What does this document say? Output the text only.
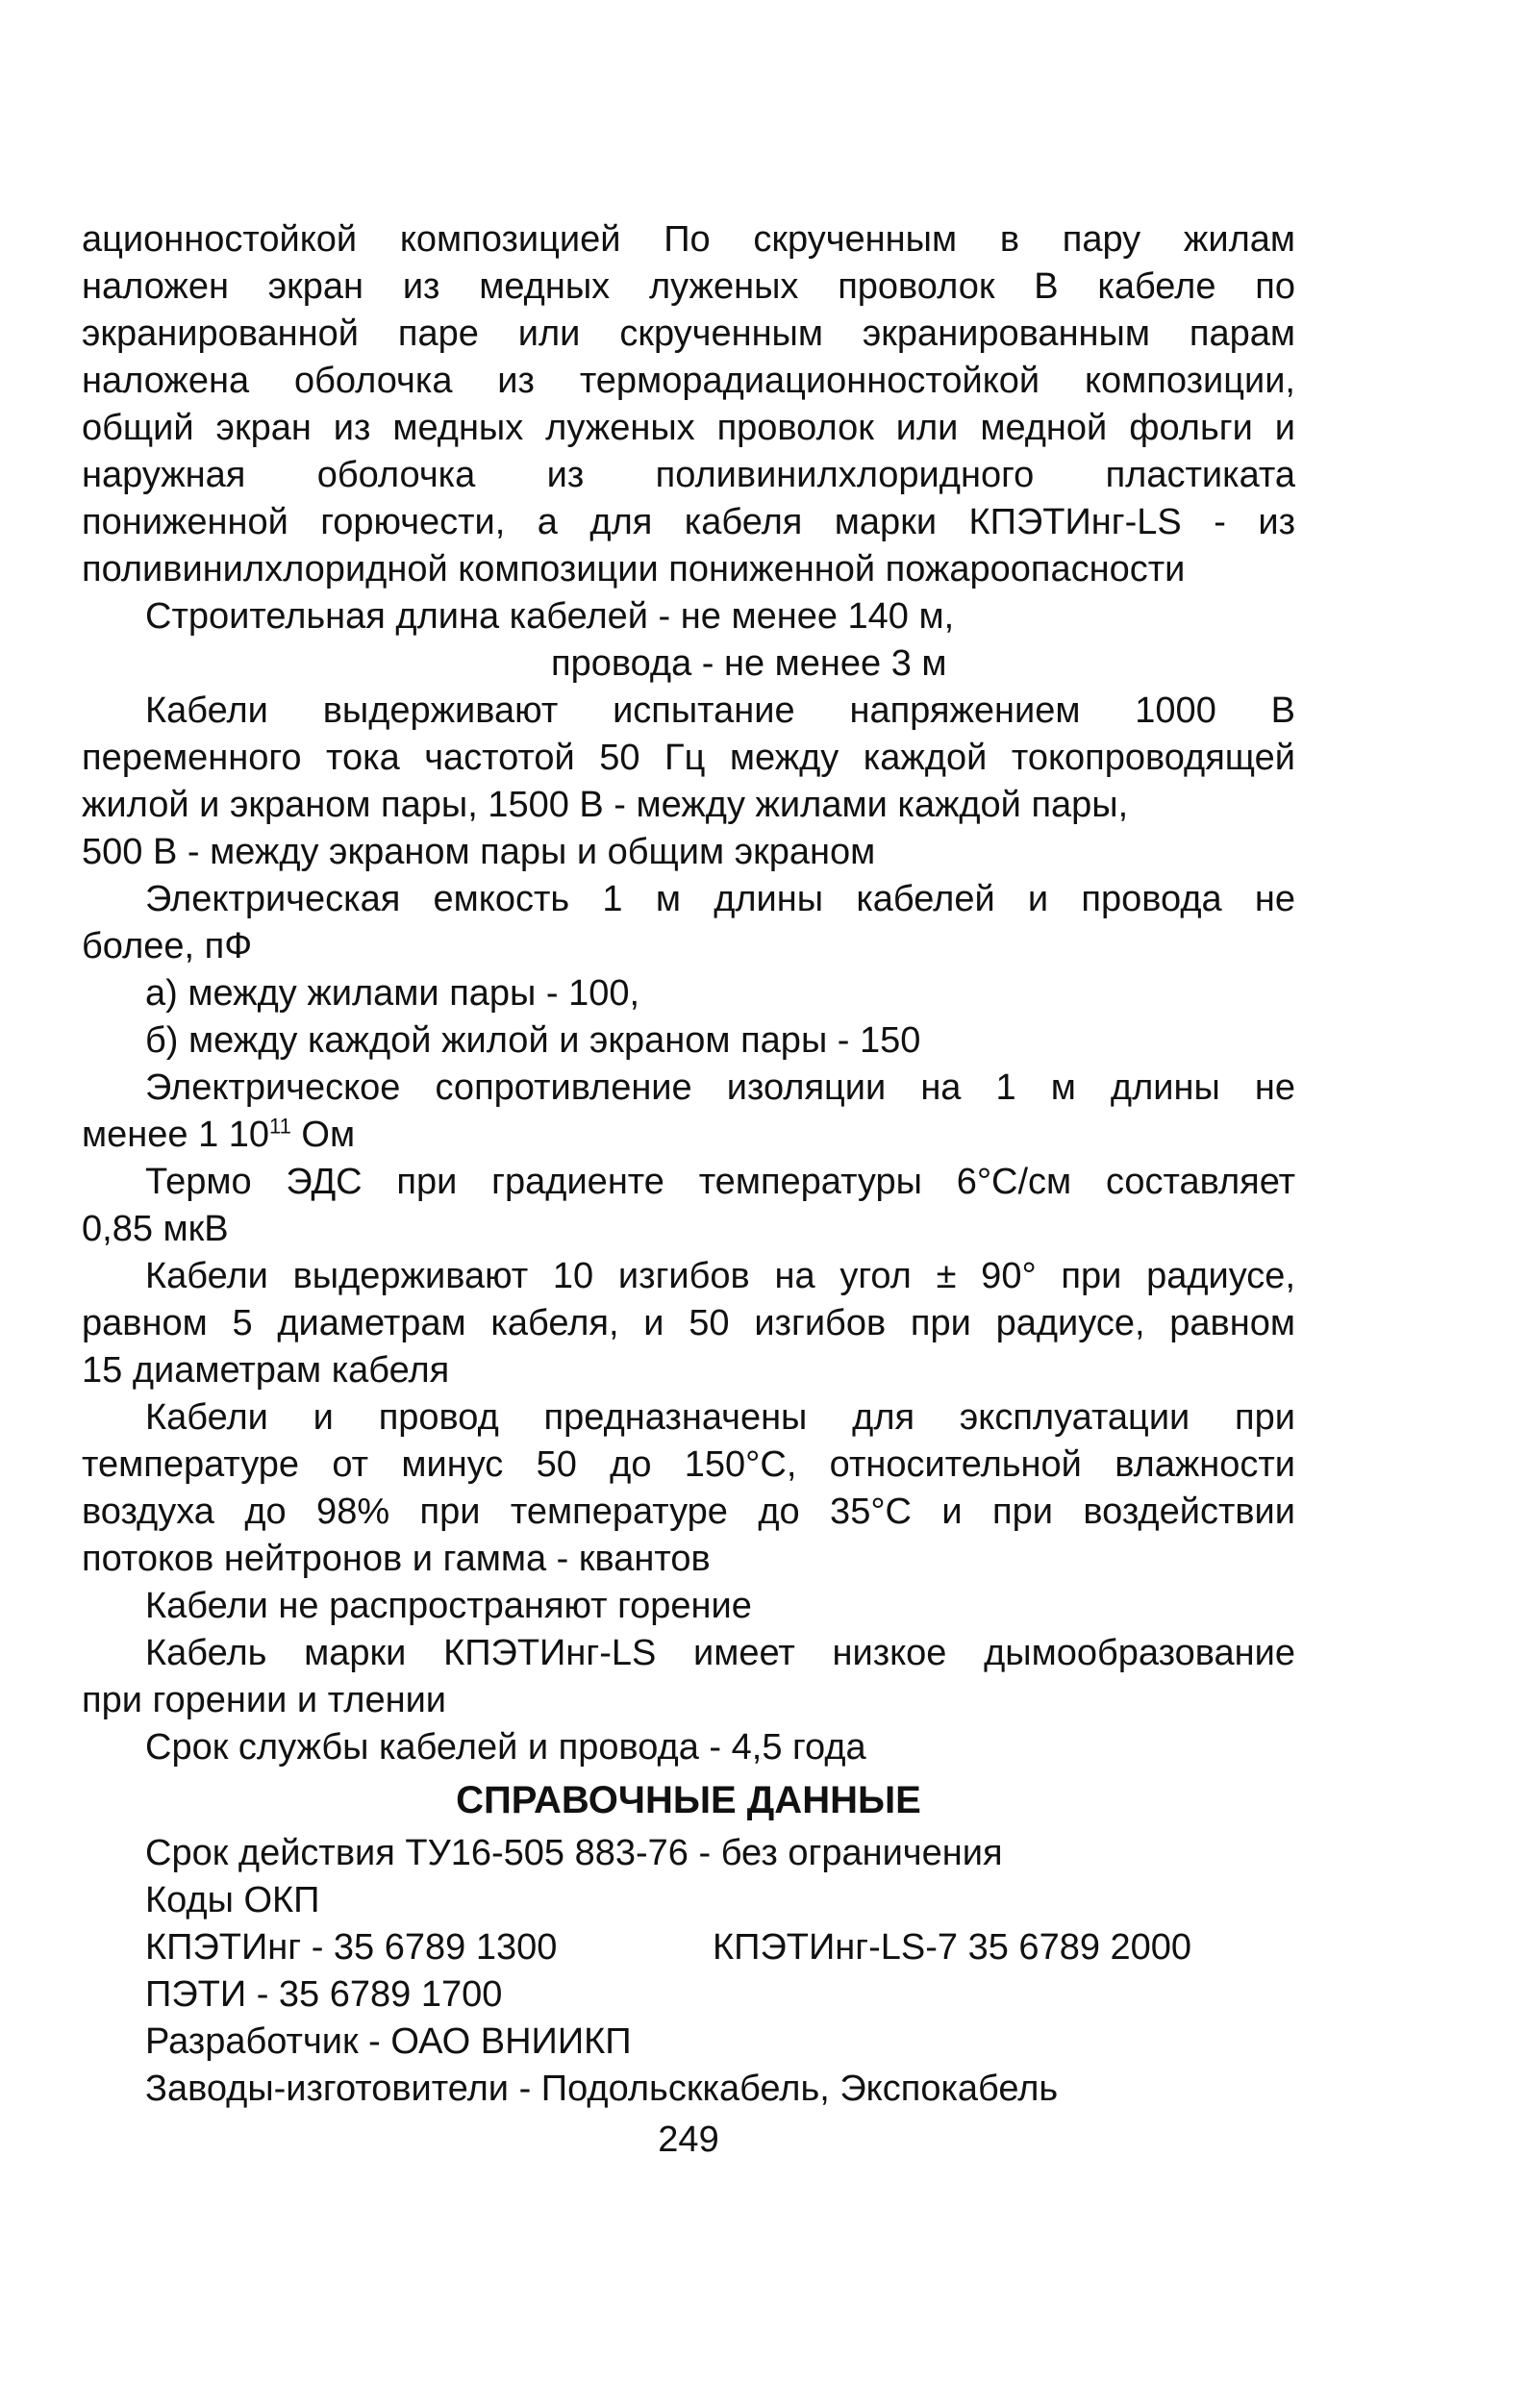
ационностойкой композицией По скрученным в пару жилам
наложен экран из медных луженых проволок В кабеле по
экранированной паре или скрученным экранированным парам
наложена оболочка из терморадиационностойкой композиции,
общий экран из медных луженых проволок или медной фольги и
наружная оболочка из поливинилхлоридного пластиката
пониженной горючести, а для кабеля марки КПЭТИнг-LS - из
поливинилхлоридной композиции пониженной пожароопасности
Строительная длина кабелей - не менее 140 м,
провода - не менее 3 м
Кабели выдерживают испытание напряжением 1000 В
переменного тока частотой 50 Гц между каждой токопроводящей
жилой и экраном пары, 1500 В - между жилами каждой пары,
500 В - между экраном пары и общим экраном
Электрическая емкость 1 м длины кабелей и провода не
более, пФ
а) между жилами пары - 100,
б) между каждой жилой и экраном пары - 150
Электрическое сопротивление изоляции на 1 м длины не
менее 1 $10^{11}$ Ом
Термо ЭДС при градиенте температуры 6°С/см составляет
0,85 мкВ
Кабели выдерживают 10 изгибов на угол ± 90° при радиусе,
равном 5 диаметрам кабеля, и 50 изгибов при радиусе, равном
15 диаметрам кабеля
Кабели и провод предназначены для эксплуатации при
температуре от минус 50 до 150°С, относительной влажности
воздуха до 98% при температуре до 35°С и при воздействии
потоков нейтронов и гамма - квантов
Кабели не распространяют горение
Кабель марки КПЭТИнг-LS имеет низкое дымообразование
при горении и тлении
Срок службы кабелей и провода - 4,5 года
СПРАВОЧНЫЕ ДАННЫЕ
Срок действия ТУ16-505 883-76 - без ограничения
Коды ОКП
КПЭТИнг - 35 6789 1300	КПЭТИнг-LS-7 35 6789 2000
ПЭТИ - 35 6789 1700
Разработчик - ОАО ВНИИКП
Заводы-изготовители - Подольсккабель, Экспокабель
249
